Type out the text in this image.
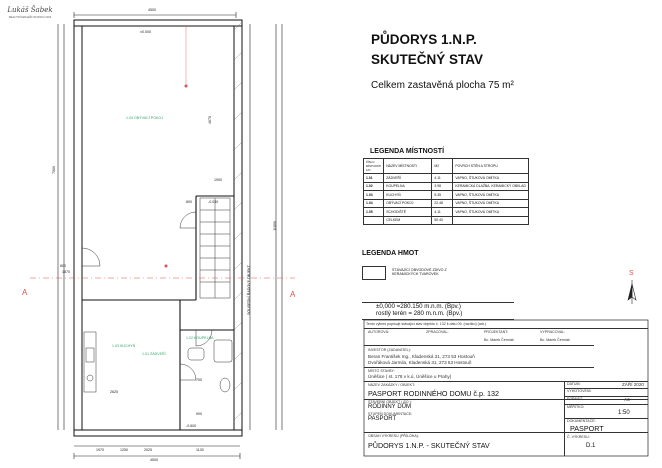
Lukáš Šabek
REALITNÍ MAKLÉŘ OD ROKU 2016
4500
±0.000
7000
11800
4670
1900
-0.030
1870
800
2625
800
1970	1250	2025	1130
700
900
4500
-0.600
1.04 OBÝVACÍ POKOJ
1.03 KUCHYŇ
1.01 ZÁDVEŘÍ
1.02 KOUPELNA
A	A
SOUSEDNÍ ŘADOVÝ OBJEKT
PŮDORYS 1.N.P.
SKUTEČNÝ STAV
Celkem zastavěná plocha 75 m²
LEGENDA MÍSTNOSTÍ
ČÍSLO MÍSTNOSTI 1/N	NÁZEV MÍSTNOSTI	M2	POVRCH STĚN A STROPU
1.01	ZÁDVEŘÍ	4.11	VAPNO, ŠTUKOVÁ OMÍTKA
1.02	KOUPELNA	3.98	KERAMICKÁ DLAŽBA, KERAMICKÝ OBKLAD
1.03	KUCHYŇ	5.35	VAPNO, ŠTUKOVÁ OMÍTKA
1.04	OBÝVACÍ POKOJ	22.48	VAPNO, ŠTUKOVÁ OMÍTKA
1.05	SCHODIŠTĚ	4.11	VAPNO, ŠTUKOVÁ OMÍTKA
	CELKEM	50.40	
LEGENDA HMOT
STÁVAJÍCÍ OBVODOVÉ ZDIVO Z KERAMICKÝCH TVAROVEK
±0,000 =280.150 m.n.m. (Bpv.)
rostlý terén = 280 m.n.m. (Bpv.)
S
Tento výkres popisuje stávající stav objektu č. 132 k datu 09. (razítko) (adr.)
AUTOROVÁ:	ZPRACOVAL:	PROJEKTANT:	VYPRACOVAL:
Bc. Marek Čermák	Bc. Marek Čermák
INVESTOR (ZADAVATEL):
Beran František Ing., Kladenská 31, 273 53 Hostouň
Dvořáková Jarmila, Kladenská 31, 273 53 Hostouň
MÍSTO STAVBY:
Úněšice ( st. 178 v k.ú. Úněšice u Prahy)
NÁZEV ZAKÁZKY / OBJEKT:
PASPORT RODINNÉHO DOMU č.p. 132
STAVEBNÍ OBJEKT ( SO ):
RODINNÝ DŮM
STUPEŇ DOKUMENTACE:
PASPORT
OBSAH VÝKRESU (PŘÍLOHA):
PŮDORYS 1.N.P. - SKUTEČNÝ STAV
DATUM:	ZÁŘÍ 2020
VYHOTOVENÍ:
FORMÁT:	A3
MĚŘÍTKO:
1:50
DOKUMENTACE:
PASPORT
Č. VÝKRESU:
D.1
